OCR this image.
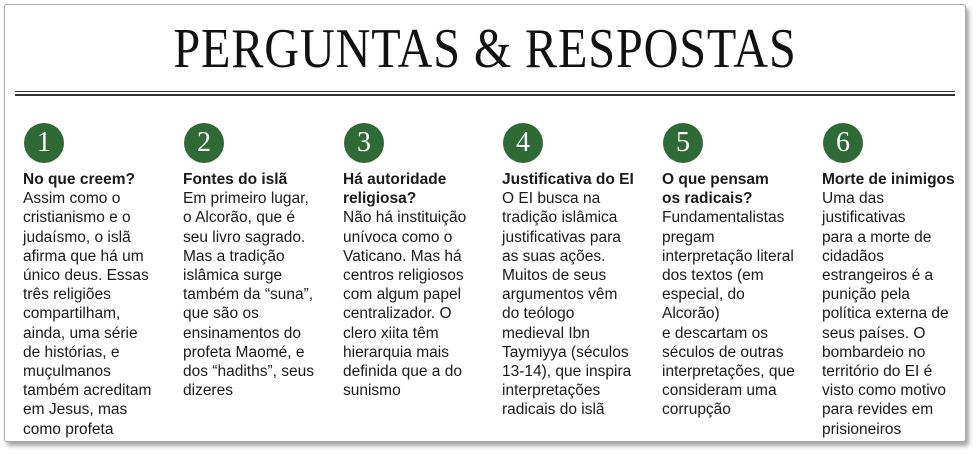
PERGUNTAS & RESPOSTAS
1
No que creem?
Assim como o
cristianismo e o
judaísmo, o islã
afirma que há um
único deus. Essas
três religiões
compartilham,
ainda, uma série
de histórias, e
muçulmanos
também acreditam
em Jesus, mas
como profeta
2
Fontes do islã
Em primeiro lugar,
o Alcorão, que é
seu livro sagrado.
Mas a tradição
islâmica surge
também da “suna”,
que são os
ensinamentos do
profeta Maomé, e
dos “hadiths”, seus
dizeres
3
Há autoridade
religiosa?
Não há instituição
unívoca como o
Vaticano. Mas há
centros religiosos
com algum papel
centralizador. O
clero xiita têm
hierarquia mais
definida que a do
sunismo
4
Justificativa do EI
O EI busca na
tradição islâmica
justificativas para
as suas ações.
Muitos de seus
argumentos vêm
do teólogo
medieval Ibn
Taymiyya (séculos
13-14), que inspira
interpretações
radicais do islã
5
O que pensam
os radicais?
Fundamentalistas
pregam
interpretação literal
dos textos (em
especial, do
Alcorão)
e descartam os
séculos de outras
interpretações, que
consideram uma
corrupção
6
Morte de inimigos
Uma das
justificativas
para a morte de
cidadãos
estrangeiros é a
punição pela
política externa de
seus países. O
bombardeio no
território do EI é
visto como motivo
para revides em
prisioneiros
